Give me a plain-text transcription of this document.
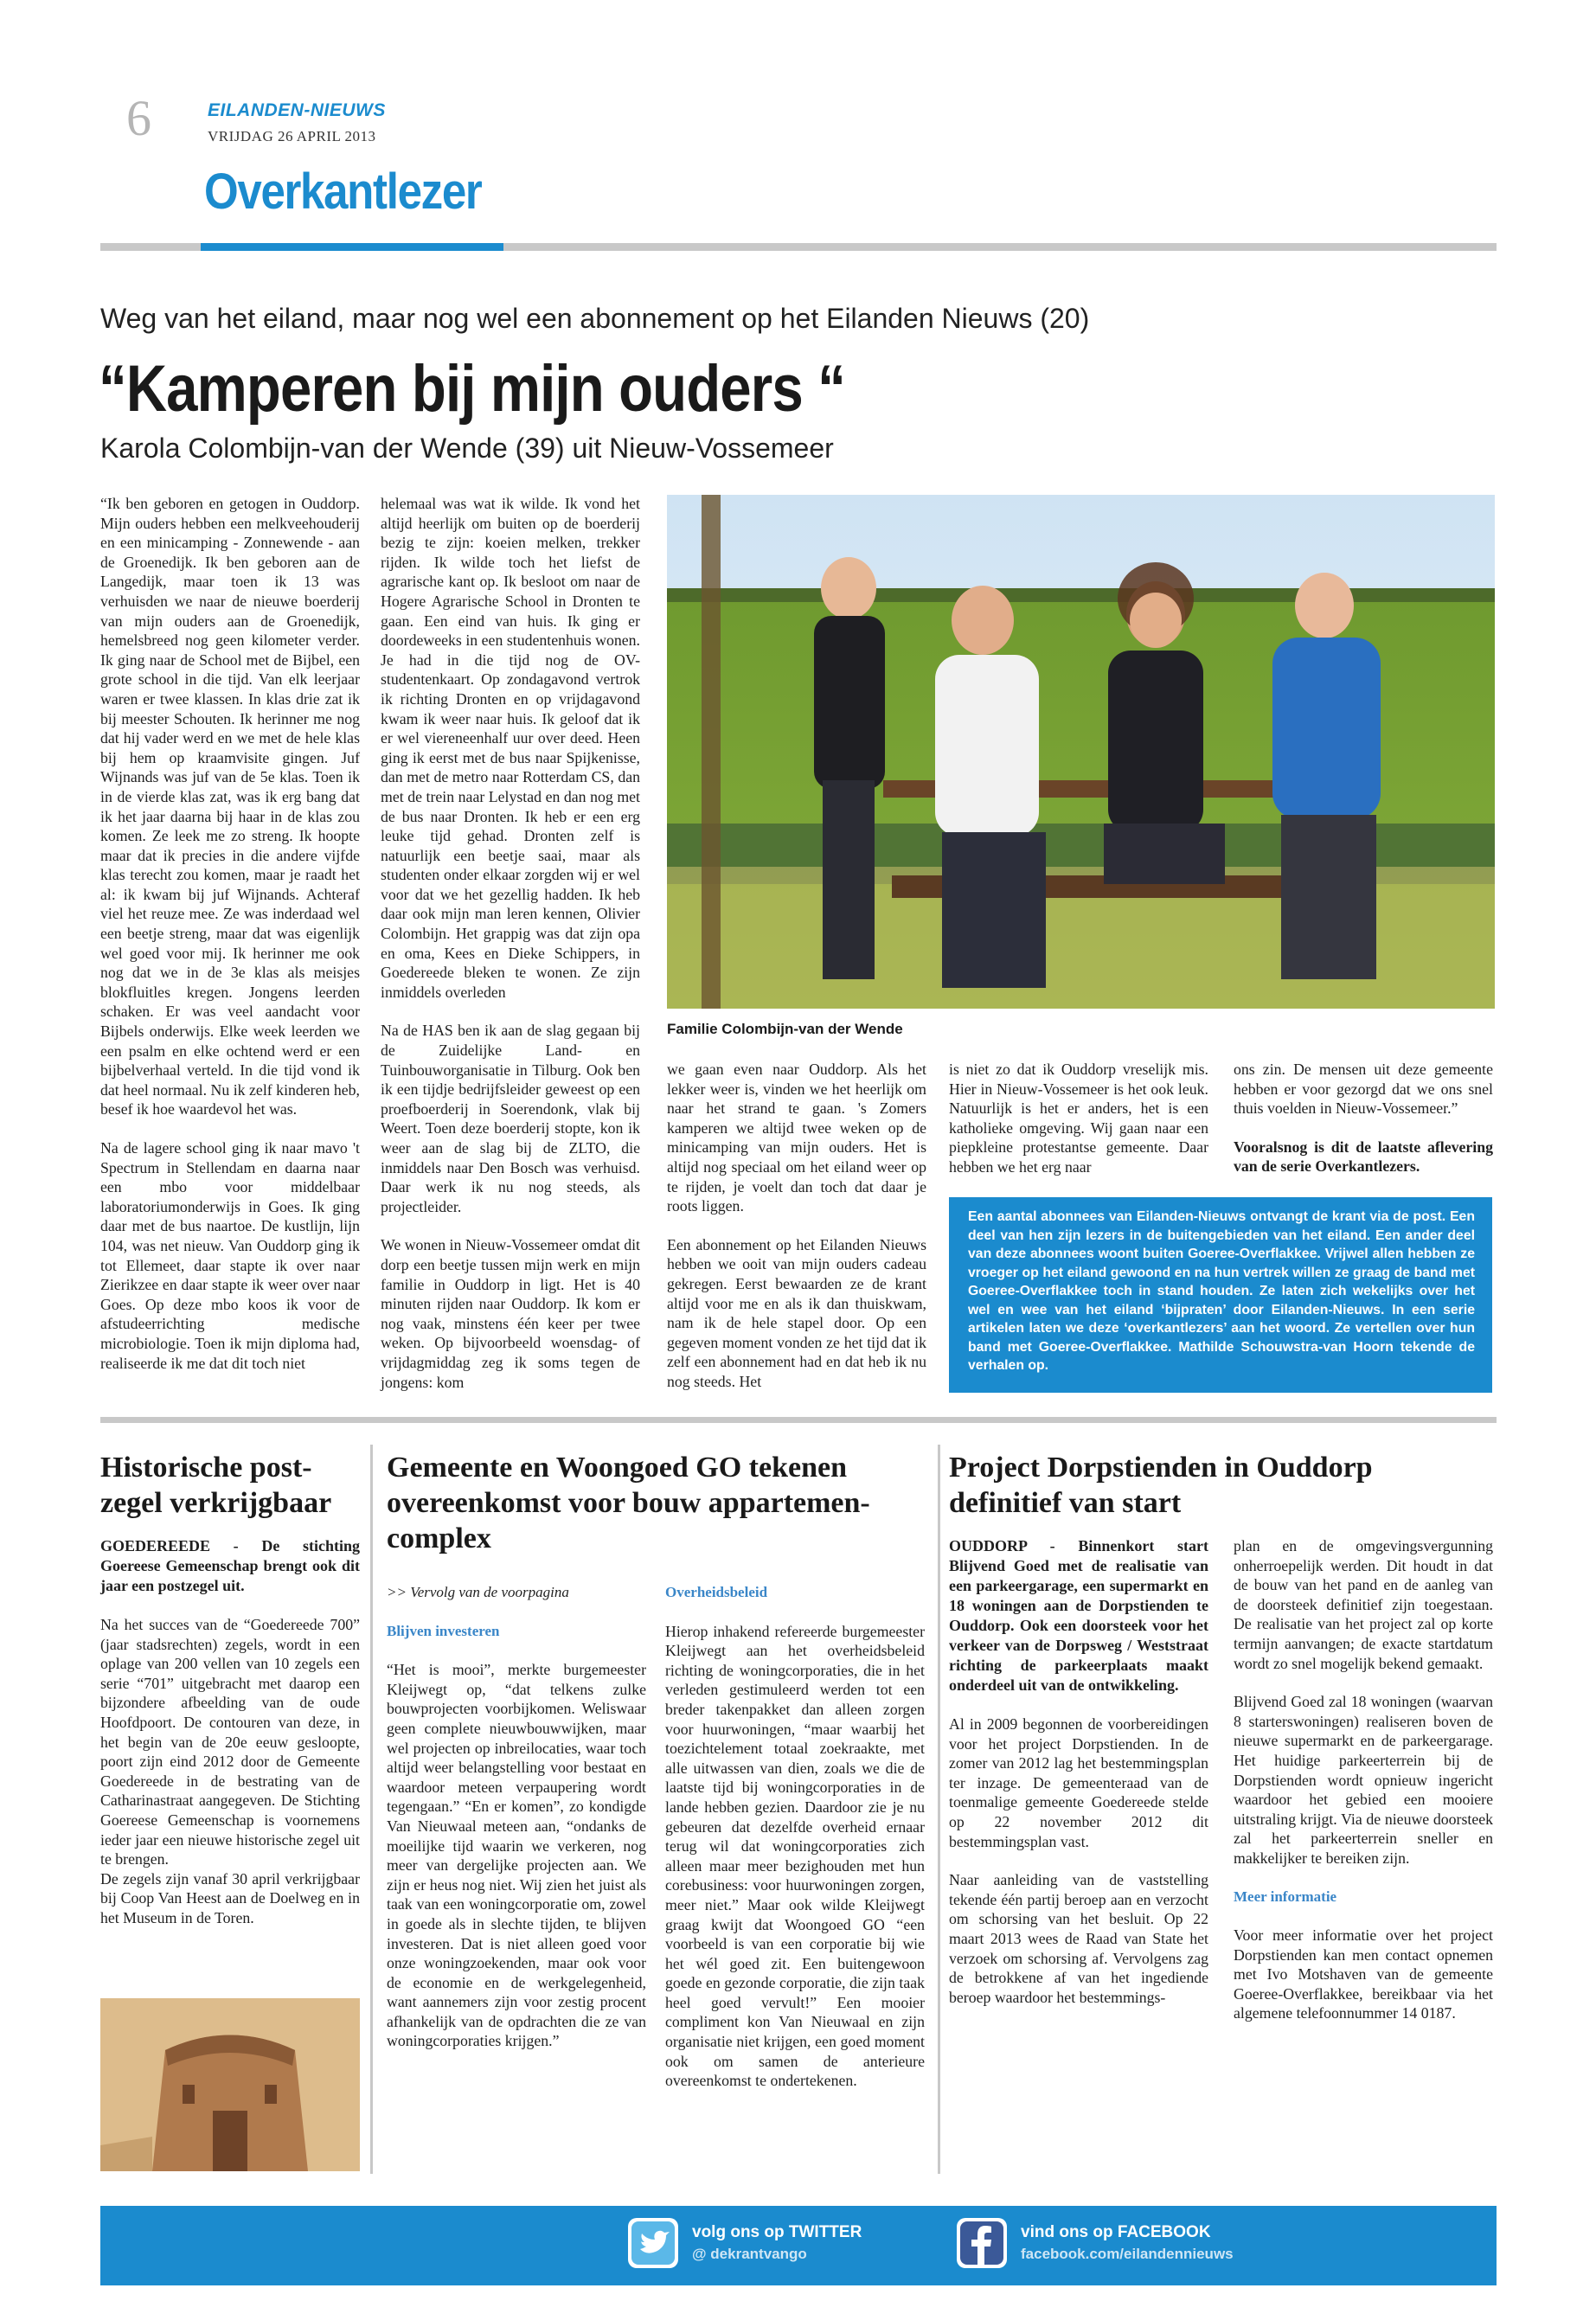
6	EILANDEN-NIEUWS
VRIJDAG 26 APRIL 2013
Overkantlezer
Weg van het eiland, maar nog wel een abonnement op het Eilanden Nieuws (20)
“Kamperen bij mijn ouders “
Karola Colombijn-van der Wende (39) uit Nieuw-Vossemeer

“Ik ben geboren en getogen in Ouddorp. Mijn ouders hebben een melkveehouderij en een minicamping - Zonnewende - aan de Groenedijk. Ik ben geboren aan de Langedijk, maar toen ik 13 was verhuisden we naar de nieuwe boerderij van mijn ouders aan de Groenedijk, hemelsbreed nog geen kilometer verder. Ik ging naar de School met de Bijbel, een grote school in die tijd. Van elk leerjaar waren er twee klassen. In klas drie zat ik bij meester Schouten. Ik herinner me nog dat hij vader werd en we met de hele klas bij hem op kraamvisite gingen. Juf Wijnands was juf van de 5e klas. Toen ik in de vierde klas zat, was ik erg bang dat ik het jaar daarna bij haar in de klas zou komen. Ze leek me zo streng. Ik hoopte maar dat ik precies in die andere vijfde klas terecht zou komen, maar je raadt het al: ik kwam bij juf Wijnands. Achteraf viel het reuze mee. Ze was inderdaad wel een beetje streng, maar dat was eigenlijk wel goed voor mij. Ik herinner me ook nog dat we in de 3e klas als meisjes blokfluitles kregen. Jongens leerden schaken. Er was veel aandacht voor Bijbels onderwijs. Elke week leerden we een psalm en elke ochtend werd er een bijbelverhaal verteld. In die tijd vond ik dat heel normaal. Nu ik zelf kinderen heb, besef ik hoe waardevol het was.

Na de lagere school ging ik naar mavo 't Spectrum in Stellendam en daarna naar een mbo voor middelbaar laboratoriumonderwijs in Goes. Ik ging daar met de bus naartoe. De kustlijn, lijn 104, was net nieuw. Van Ouddorp ging ik tot Ellemeet, daar stapte ik over naar Zierikzee en daar stapte ik weer over naar Goes. Op deze mbo koos ik voor de afstudeerrichting medische microbiologie. Toen ik mijn diploma had, realiseerde ik me dat dit toch niet

helemaal was wat ik wilde. Ik vond het altijd heerlijk om buiten op de boerderij bezig te zijn: koeien melken, trekker rijden. Ik wilde toch het liefst de agrarische kant op. Ik besloot om naar de Hogere Agrarische School in Dronten te gaan. Een eind van huis. Ik ging er doordeweeks in een studentenhuis wonen. Je had in die tijd nog de OV-studentenkaart. Op zondagavond vertrok ik richting Dronten en op vrijdagavond kwam ik weer naar huis. Ik geloof dat ik er wel viereneenhalf uur over deed. Heen ging ik eerst met de bus naar Spijkenisse, dan met de metro naar Rotterdam CS, dan met de trein naar Lelystad en dan nog met de bus naar Dronten. Ik heb er een erg leuke tijd gehad. Dronten zelf is natuurlijk een beetje saai, maar als studenten onder elkaar zorgden wij er wel voor dat we het gezellig hadden. Ik heb daar ook mijn man leren kennen, Olivier Colombijn. Het grappig was dat zijn opa en oma, Kees en Dieke Schippers, in Goedereede bleken te wonen. Ze zijn inmiddels overleden

Na de HAS ben ik aan de slag gegaan bij de Zuidelijke Land- en Tuinbouworganisatie in Tilburg. Ook ben ik een tijdje bedrijfsleider geweest op een proefboerderij in Soerendonk, vlak bij Weert. Toen deze boerderij stopte, kon ik weer aan de slag bij de ZLTO, die inmiddels naar Den Bosch was verhuisd. Daar werk ik nu nog steeds, als projectleider.

We wonen in Nieuw-Vossemeer omdat dit dorp een beetje tussen mijn werk en mijn familie in Ouddorp in ligt. Het is 40 minuten rijden naar Ouddorp. Ik kom er nog vaak, minstens één keer per twee weken. Op bijvoorbeeld woensdag- of vrijdagmiddag zeg ik soms tegen de jongens: kom

Familie Colombijn-van der Wende

we gaan even naar Ouddorp. Als het lekker weer is, vinden we het heerlijk om naar het strand te gaan. 's Zomers kamperen we altijd twee weken op de minicamping van mijn ouders. Het is altijd nog speciaal om het eiland weer op te rijden, je voelt dan toch dat daar je roots liggen.

Een abonnement op het Eilanden Nieuws hebben we ooit van mijn ouders cadeau gekregen. Eerst bewaarden ze de krant altijd voor me en als ik dan thuiskwam, nam ik de hele stapel door. Op een gegeven moment vonden ze het tijd dat ik zelf een abonnement had en dat heb ik nu nog steeds. Het

is niet zo dat ik Ouddorp vreselijk mis. Hier in Nieuw-Vossemeer is het ook leuk. Natuurlijk is het er anders, het is een katholieke omgeving. Wij gaan naar een piepkleine protestantse gemeente. Daar hebben we het erg naar

ons zin. De mensen uit deze gemeente hebben er voor gezorgd dat we ons snel thuis voelden in Nieuw-Vossemeer.”

Vooralsnog is dit de laatste aflevering van de serie Overkantlezers.

Een aantal abonnees van Eilanden-Nieuws ontvangt de krant via de post. Een deel van hen zijn lezers in de buitengebieden van het eiland. Een ander deel van deze abonnees woont buiten Goeree-Overflakkee. Vrijwel allen hebben ze vroeger op het eiland gewoond en na hun vertrek willen ze graag de band met Goeree-Overflakkee toch in stand houden. Ze laten zich wekelijks over het wel en wee van het eiland ‘bijpraten’ door Eilanden-Nieuws. In een serie artikelen laten we deze ‘overkantlezers’ aan het woord. Ze vertellen over hun band met Goeree-Overflakkee. Mathilde Schouwstra-van Hoorn tekende de verhalen op.
Historische post-
zegel verkrijgbaar

GOEDEREEDE - De stichting Goereese Gemeenschap brengt ook dit jaar een postzegel uit.

Na het succes van de “Goedereede 700” (jaar stadsrechten) zegels, wordt in een oplage van 200 vellen van 10 zegels een serie “701” uitgebracht met daarop een bijzondere afbeelding van de oude Hoofdpoort. De contouren van deze, in het begin van de 20e eeuw gesloopte, poort zijn eind 2012 door de Gemeente Goedereede in de bestrating van de Catharinastraat aangegeven. De Stichting Goereese Gemeenschap is voornemens ieder jaar een nieuwe historische zegel uit te brengen.

De zegels zijn vanaf 30 april verkrijgbaar bij Coop Van Heest aan de Doelweg en in het Museum in de Toren.

Gemeente en Woongoed GO tekenen
overeenkomst voor bouw appartemen-
complex

>> Vervolg van de voorpagina

Blijven investeren

“Het is mooi”, merkte burgemeester Kleijwegt op, “dat telkens zulke bouwprojecten voorbijkomen. Weliswaar geen complete nieuwbouwwijken, maar wel projecten op inbreilocaties, waar toch altijd weer belangstelling voor bestaat en waardoor meteen verpaupering wordt tegengaan.” “En er komen”, zo kondigde Van Nieuwaal meteen aan, “ondanks de moeilijke tijd waarin we verkeren, nog meer van dergelijke projecten aan. We zijn er heus nog niet. Wij zien het juist als taak van een woningcorporatie om, zowel in goede als in slechte tijden, te blijven investeren. Dat is niet alleen goed voor onze woningzoekenden, maar ook voor de economie en de werkgelegenheid, want aannemers zijn voor zestig procent afhankelijk van de opdrachten die ze van woningcorporaties krijgen.”

Overheidsbeleid

Hierop inhakend refereerde burgemeester Kleijwegt aan het overheidsbeleid richting de woningcorporaties, die in het verleden gestimuleerd werden tot een breder takenpakket dan alleen zorgen voor huurwoningen, “maar waarbij het toezichtelement totaal zoekraakte, met alle uitwassen van dien, zoals we die de laatste tijd bij woningcorporaties in de lande hebben gezien. Daardoor zie je nu gebeuren dat dezelfde overheid ernaar terug wil dat woningcorporaties zich alleen maar meer bezighouden met hun corebusiness: voor huurwoningen zorgen, meer niet.” Maar ook wilde Kleijwegt graag kwijt dat Woongoed GO “een voorbeeld is van een corporatie bij wie het wél goed zit. Een buitengewoon goede en gezonde corporatie, die zijn taak heel goed vervult!” Een mooier compliment kon Van Nieuwaal en zijn organisatie niet krijgen, een goed moment ook om samen de anterieure overeenkomst te ondertekenen.

Project Dorpstienden in Ouddorp
definitief van start

OUDDORP - Binnenkort start Blijvend Goed met de realisatie van een parkeergarage, een supermarkt en 18 woningen aan de Dorpstienden te Ouddorp. Ook een doorsteek voor het verkeer van de Dorpsweg / Weststraat richting de parkeerplaats maakt onderdeel uit van de ontwikkeling.

Al in 2009 begonnen de voorbereidingen voor het project Dorpstienden. In de zomer van 2012 lag het bestemmingsplan ter inzage. De gemeenteraad van de toenmalige gemeente Goedereede stelde op 22 november 2012 dit bestemmingsplan vast.

Naar aanleiding van de vaststelling tekende één partij beroep aan en verzocht om schorsing van het besluit. Op 22 maart 2013 wees de Raad van State het verzoek om schorsing af. Vervolgens zag de betrokkene af van het ingediende beroep waardoor het bestemmings-

plan en de omgevingsvergunning onherroepelijk werden. Dit houdt in dat de bouw van het pand en de aanleg van de doorsteek definitief zijn toegestaan. De realisatie van het project zal op korte termijn aanvangen; de exacte startdatum wordt zo snel mogelijk bekend gemaakt.

Blijvend Goed zal 18 woningen (waarvan 8 starterswoningen) realiseren boven de nieuwe supermarkt en de parkeergarage. Het huidige parkeerterrein bij de Dorpstienden wordt opnieuw ingericht waardoor het gebied een mooiere uitstraling krijgt. Via de nieuwe doorsteek zal het parkeerterrein sneller en makkelijker te bereiken zijn.

Meer informatie

Voor meer informatie over het project Dorpstienden kan men contact opnemen met Ivo Motshaven van de gemeente Goeree-Overflakkee, bereikbaar via het algemene telefoonnummer 14 0187.

volg ons op TWITTER
@ dekrantvango
vind ons op FACEBOOK
facebook.com/eilandennieuws
